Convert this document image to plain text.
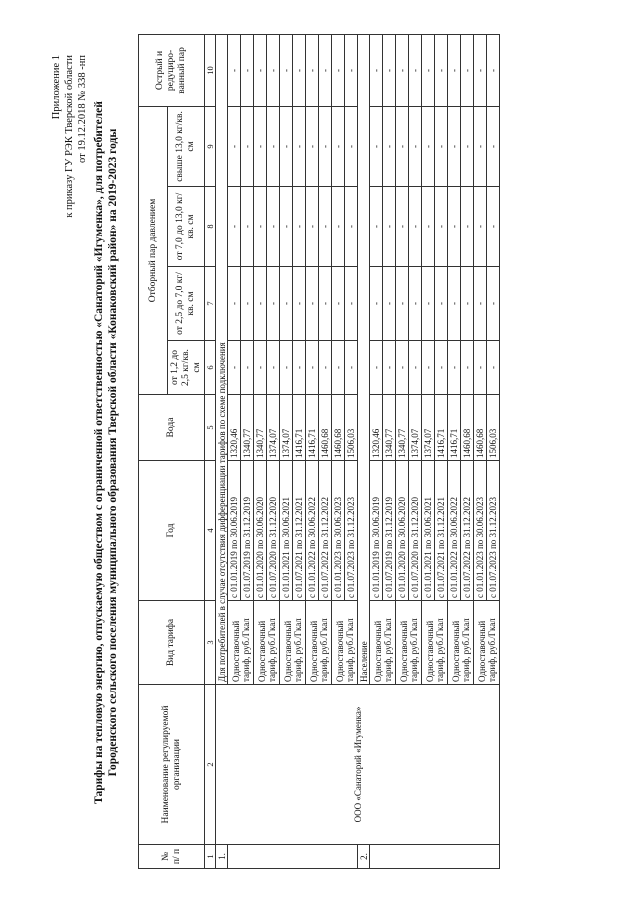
Приложение 1 к приказу ГУ РЭК Тверской области от 19.12.2018 № 338 -нп Тарифы на тепловую энергию, отпускаемую обществом с ограниченной ответственностью «Санаторий «Игуменка», для потребителей Городенского сельского поселения муниципального образования Тверской области «Конаковский район» на 2019-2023 годы
№ п/ п	Наименование регулируемой организации	Вид тарифа	Год	Вода	Отборный пар давлением				Острый и редуциро-ванный пар
					от 1,2 до 2,5 кг/кв. см	от 2,5 до 7,0 кг/кв. см	от 7,0 до 13,0 кг/кв. см	свыше 13,0 кг/кв. см	
1	2	3	4	5	6	7	8	9	10
1.	ООО «Санаторий «Игуменка»	Для потребителей в случае отсутствия дифференциации тарифов по схеме подключения							
		Одноставочный тариф, руб./Гкал	с 01.01.2019 по 30.06.2019	1320,46	-	-	-	-	-
			с 01.07.2019 по 31.12.2019	1340,77	-	-	-	-	-
		Одноставочный тариф, руб./Гкал	с 01.01.2020 по 30.06.2020	1340,77	-	-	-	-	-
			с 01.07.2020 по 31.12.2020	1374,07	-	-	-	-	-
		Одноставочный тариф, руб./Гкал	с 01.01.2021 по 30.06.2021	1374,07	-	-	-	-	-
			с 01.07.2021 по 31.12.2021	1416,71	-	-	-	-	-
		Одноставочный тариф, руб./Гкал	с 01.01.2022 по 30.06.2022	1416,71	-	-	-	-	-
			с 01.07.2022 по 31.12.2022	1460,68	-	-	-	-	-
		Одноставочный тариф, руб./Гкал	с 01.01.2023 по 30.06.2023	1460,68	-	-	-	-	-
			с 01.07.2023 по 31.12.2023	1506,03	-	-	-	-	-
2.		Население							
		Одноставочный тариф, руб./Гкал	с 01.01.2019 по 30.06.2019	1320,46	-	-	-	-	-
			с 01.07.2019 по 31.12.2019	1340,77	-	-	-	-	-
		Одноставочный тариф, руб./Гкал	с 01.01.2020 по 30.06.2020	1340,77	-	-	-	-	-
			с 01.07.2020 по 31.12.2020	1374,07	-	-	-	-	-
		Одноставочный тариф, руб./Гкал	с 01.01.2021 по 30.06.2021	1374,07	-	-	-	-	-
			с 01.07.2021 по 31.12.2021	1416,71	-	-	-	-	-
		Одноставочный тариф, руб./Гкал	с 01.01.2022 по 30.06.2022	1416,71	-	-	-	-	-
			с 01.07.2022 по 31.12.2022	1460,68	-	-	-	-	-
		Одноставочный тариф, руб./Гкал	с 01.01.2023 по 30.06.2023	1460,68	-	-	-	-	-
			с 01.07.2023 по 31.12.2023	1506,03	-	-	-	-	-
